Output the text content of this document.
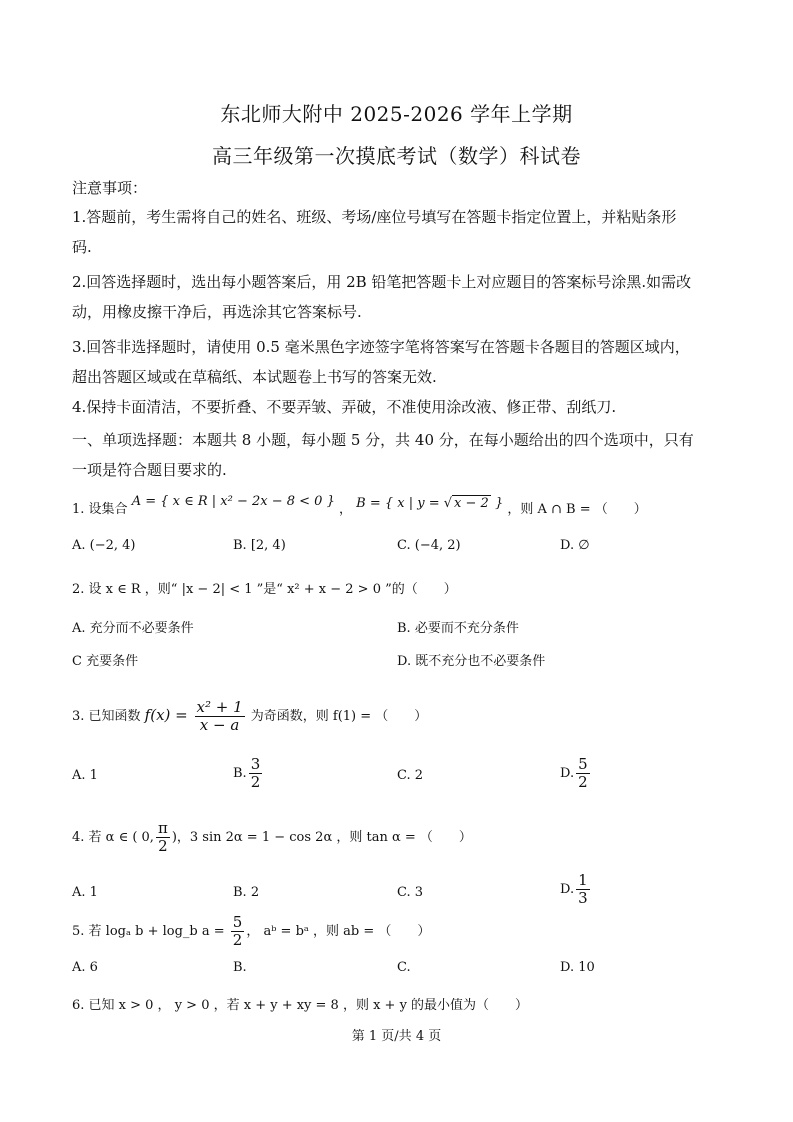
东北师大附中 2025-2026 学年上学期
高三年级第一次摸底考试（数学）科试卷
注意事项：
1.答题前，考生需将自己的姓名、班级、考场/座位号填写在答题卡指定位置上，并粘贴条形
码.
2.回答选择题时，选出每小题答案后，用 2B 铅笔把答题卡上对应题目的答案标号涂黑.如需改
动，用橡皮擦干净后，再选涂其它答案标号.
3.回答非选择题时，请使用 0.5 毫米黑色字迹签字笔将答案写在答题卡各题目的答题区域内，
超出答题区域或在草稿纸、本试题卷上书写的答案无效.
4.保持卡面清洁，不要折叠、不要弄皱、弄破，不准使用涂改液、修正带、刮纸刀.
一、单项选择题：本题共 8 小题，每小题 5 分，共 40 分，在每小题给出的四个选项中，只有
一项是符合题目要求的.
1. 设集合 A = { x ∈ R | x² − 2x − 8 < 0 } ， B = { x | y = √ x − 2 } ，则 A ∩ B = （　　）
A. (−2, 4)	B. [2, 4)	C. (−4, 2)	D. ∅
2. 设 x ∈ R ，则“ |x − 2| < 1 ”是“ x² + x − 2 > 0 ”的（　　）
A. 充分而不必要条件	B. 必要而不充分条件
C 充要条件	D. 既不充分也不必要条件
3. 已知函数 $f(x) = \frac{\text{x² + 1}}{x - a}$ 为奇函数，则 f(1) = （　　）
A. 1	B. $\frac{3}{2}$	C. 2	D. $\frac{5}{2}$
4. 若 α ∈ ( 0, $\frac{\pi}{2}$ )，3 sin 2α = 1 − cos 2α ，则 tan α = （　　）
A. 1	B. 2	C. 3	D. $\frac{1}{3}$
5. 若 logₐ b + log_b $a = \frac{5}{2}$ ， aᵇ = bᵃ ，则 ab = （　　）
A. 6	B.	C.	D. 10
6. 已知 x > 0 ， y > 0 ，若 x + y + xy = 8 ，则 x + y 的最小值为（　　）
第 1 页/共 4 页
